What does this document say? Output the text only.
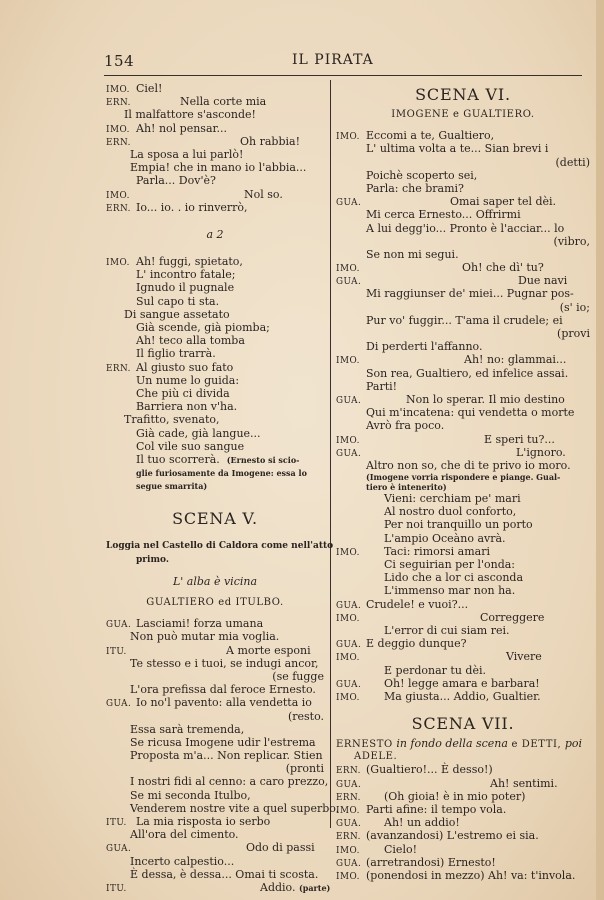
154	IL PIRATA
IMO. Ciel!
ERN.	Nella corte mia
Il malfattore s'asconde!
IMO. Ah! nol pensar...
ERN.	Oh rabbia!
La sposa a lui parlò!
Empia! che in mano io l'abbia...
Parla... Dov'è?
IMO.	Nol so.
ERN. Io... io. . io rinverrò,
a 2
IMO. Ah! fuggi, spietato,
L' incontro fatale;
Ignudo il pugnale
Sul capo ti sta.
Di sangue assetato
Già scende, già piomba;
Ah! teco alla tomba
Il figlio trarrà.
ERN. Al giusto suo fato
Un nume lo guida:
Che più ci divida
Barriera non v'ha.
Trafitto, svenato,
Già cade, già langue...
Col vile suo sangue
Il tuo scorrerà. (Ernesto si scio-
glie furiosamente da Imogene: essa lo
segue smarrita)
SCENA V.
Loggia nel Castello di Caldora come nell'atto
primo.
L' alba è vicina
GUALTIERO ed ITULBO.
GUA. Lasciami! forza umana
Non può mutar mia voglia.
ITU.	A morte esponi
Te stesso e i tuoi, se indugi ancor,
(se fugge
L'ora prefissa dal feroce Ernesto.
GUA. Io no'l pavento: alla vendetta io
(resto.
Essa sarà tremenda,
Se ricusa Imogene udir l'estrema
Proposta m'a... Non replicar. Stien
(pronti
I nostri fidi al cenno: a caro prezzo,
Se mi seconda Itulbo,
Venderem nostre vite a quel superbo.
ITU. La mia risposta io serbo
All'ora del cimento.
GUA.	Odo di passi
Incerto calpestio...
È dessa, è dessa... Omai ti scosta.
ITU.	Addio. (parte)
SCENA VI.
IMOGENE e GUALTIERO.
IMO. Eccomi a te, Gualtiero,
L' ultima volta a te... Sian brevi i
(detti)
Poichè scoperto sei,
Parla: che brami?
GUA.	Omai saper tel dèi.
Mi cerca Ernesto... Offrirmi
A lui degg'io... Pronto è l'acciar... lo
(vibro,
Se non mi segui.
IMO.	Oh! che dì' tu?
GUA.	Due navi
Mi raggiunser de' miei... Pugnar pos-
(s' io;
Pur vo' fuggir... T'ama il crudele; ei
(provi
Di perderti l'affanno.
IMO.	Ah! no: glammai...
Son rea, Gualtiero, ed infelice assai.
Parti!
GUA.	Non lo sperar. Il mio destino
Qui m'incatena: qui vendetta o morte
Avrò fra poco.
IMO.	E speri tu?...
GUA.	L'ignoro.
Altro non so, che di te privo io moro.
(Imogene vorria rispondere e piange. Gual-
tiero è intenerito)
Vieni: cerchiam pe' mari
Al nostro duol conforto,
Per noi tranquillo un porto
L'ampio Oceàno avrà.
IMO. Taci: rimorsi amari
Ci seguirian per l'onda:
Lido che a lor ci asconda
L'immenso mar non ha.
GUA. Crudele! e vuoi?...
IMO.	Correggere
L'error di cui siam rei.
GUA. E deggio dunque?
IMO.	Vivere
E perdonar tu dèi.
GUA. Oh! legge amara e barbara!
IMO. Ma giusta... Addio, Gualtier.
SCENA VII.
ERNESTO in fondo della scena e DETTI, poi
ADELE.
ERN. (Gualtiero!... È desso!)
GUA.	Ah! sentimi.
ERN. (Oh gioia! è in mio poter)
IMO. Parti afine: il tempo vola.
GUA. Ah! un addio!
ERN. (avanzandosi) L'estremo ei sia.
IMO. Cielo!
GUA. (arretrandosi) Ernesto!
IMO. (ponendosi in mezzo) Ah! va: t'invola.
